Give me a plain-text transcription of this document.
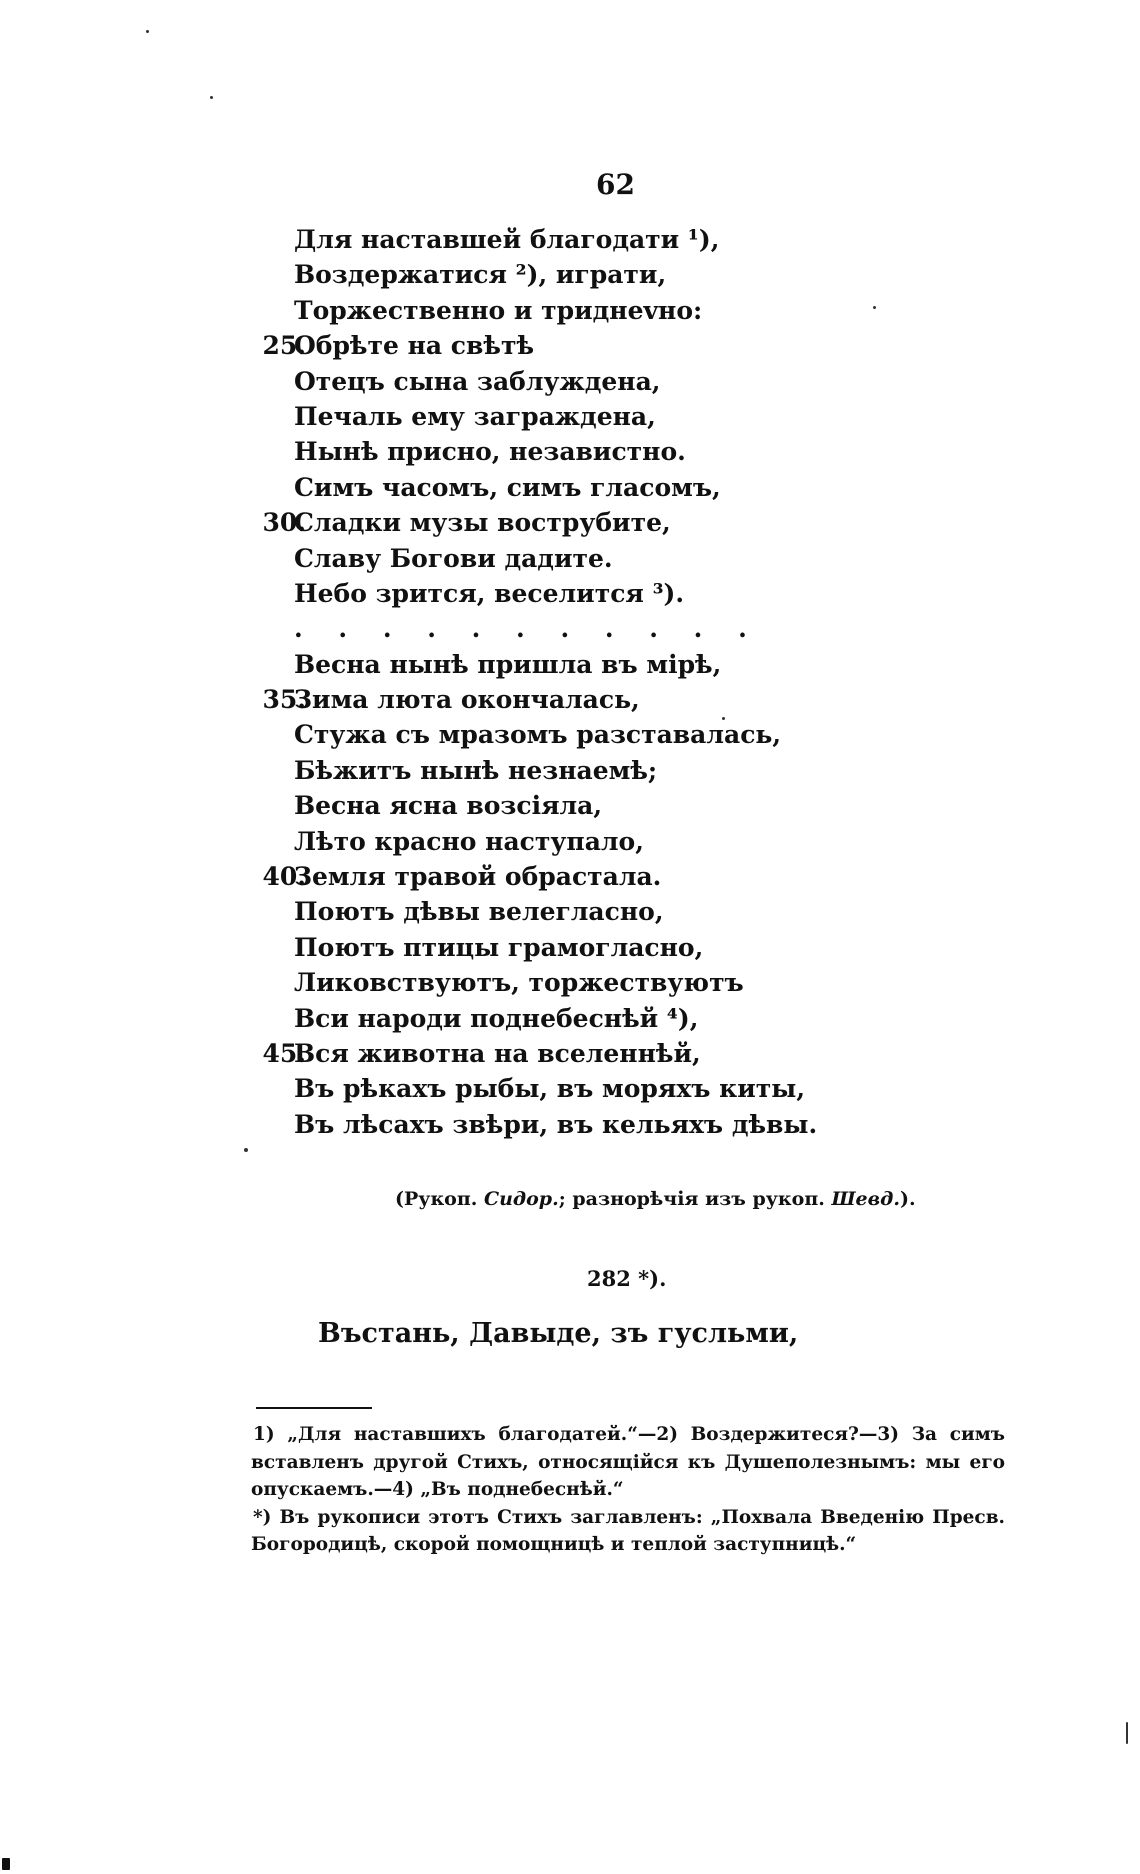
62
Для наставшей благодати ¹),
Воздержатися ²), играти,
Торжественно и триднevно:
25.
Обрѣте на свѣтѣ
Отецъ сына заблуждена,
Печаль ему заграждена,
Нынѣ присно, независтно.
Симъ часомъ, симъ гласомъ,
30.
Сладки музы вострубите,
Славу Богови дадите.
Небо зрится, веселится ³).
. . . . . . . . . . .
Весна нынѣ пришла въ мірѣ,
35.
Зима люта окончалась,
Стужа съ мразомъ разставалась,
Бѣжитъ нынѣ незнаемѣ;
Весна ясна возсіяла,
Лѣто красно наступало,
40.
Земля травой обрастала.
Поютъ дѣвы велегласно,
Поютъ птицы грамогласно,
Ликовствуютъ, торжествуютъ
Вси народи поднебеснѣй ⁴),
45.
Вся животна на вселеннѣй,
Въ рѣкахъ рыбы, въ моряхъ киты,
Въ лѣсахъ звѣри, въ кельяхъ дѣвы.
(Рукоп. Сидор.; разнорѣчія изъ рукоп. Шевд.).
282 *).
Въстань, Давыде, зъ гусльми,

1) „Для наставшихъ благодатей.“—2) Воздержитеся?—3) За симъ вставленъ другой Стихъ, относящійся къ Душеполезнымъ: мы его опускаемъ.—4) „Въ поднебеснѣй.“

*) Въ рукописи этотъ Стихъ заглавленъ: „Похвала Введенію Пресв. Богородицѣ, скорой помощницѣ и теплой заступницѣ.“
